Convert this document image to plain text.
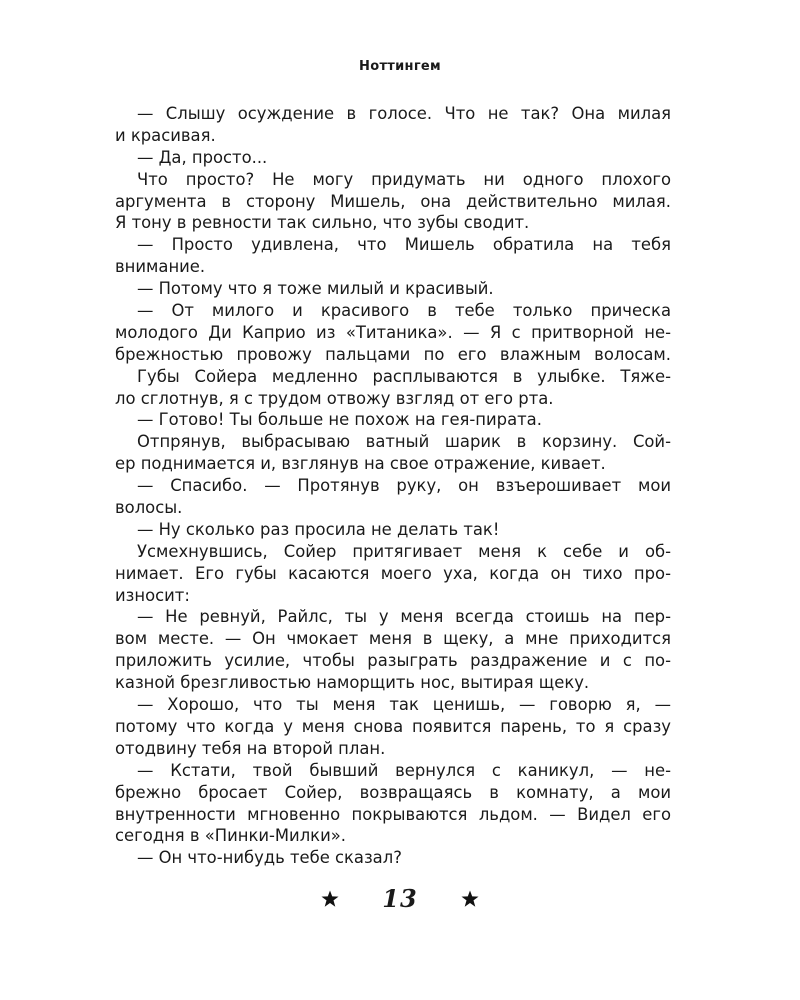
Ноттингем
— Слышу осуждение в голосе. Что не так? Она милая
и красивая.
— Да, просто...
Что просто? Не могу придумать ни одного плохого
аргумента в сторону Мишель, она действительно милая.
Я тону в ревности так сильно, что зубы сводит.
— Просто удивлена, что Мишель обратила на тебя
внимание.
— Потому что я тоже милый и красивый.
— От милого и красивого в тебе только прическа
молодого Ди Каприо из «Титаника». — Я с притворной не-
брежностью провожу пальцами по его влажным волосам.
Губы Сойера медленно расплываются в улыбке. Тяже-
ло сглотнув, я с трудом отвожу взгляд от его рта.
— Готово! Ты больше не похож на гея-пирата.
Отпрянув, выбрасываю ватный шарик в корзину. Сой-
ер поднимается и, взглянув на свое отражение, кивает.
— Спасибо. — Протянув руку, он взъерошивает мои
волосы.
— Ну сколько раз просила не делать так!
Усмехнувшись, Сойер притягивает меня к себе и об-
нимает. Его губы касаются моего уха, когда он тихо про-
износит:
— Не ревнуй, Райлс, ты у меня всегда стоишь на пер-
вом месте. — Он чмокает меня в щеку, а мне приходится
приложить усилие, чтобы разыграть раздражение и с по-
казной брезгливостью наморщить нос, вытирая щеку.
— Хорошо, что ты меня так ценишь, — говорю я, —
потому что когда у меня снова появится парень, то я сразу
отодвину тебя на второй план.
— Кстати, твой бывший вернулся с каникул, — не-
брежно бросает Сойер, возвращаясь в комнату, а мои
внутренности мгновенно покрываются льдом. — Видел его
сегодня в «Пинки-Милки».
— Он что-нибудь тебе сказал?
13
